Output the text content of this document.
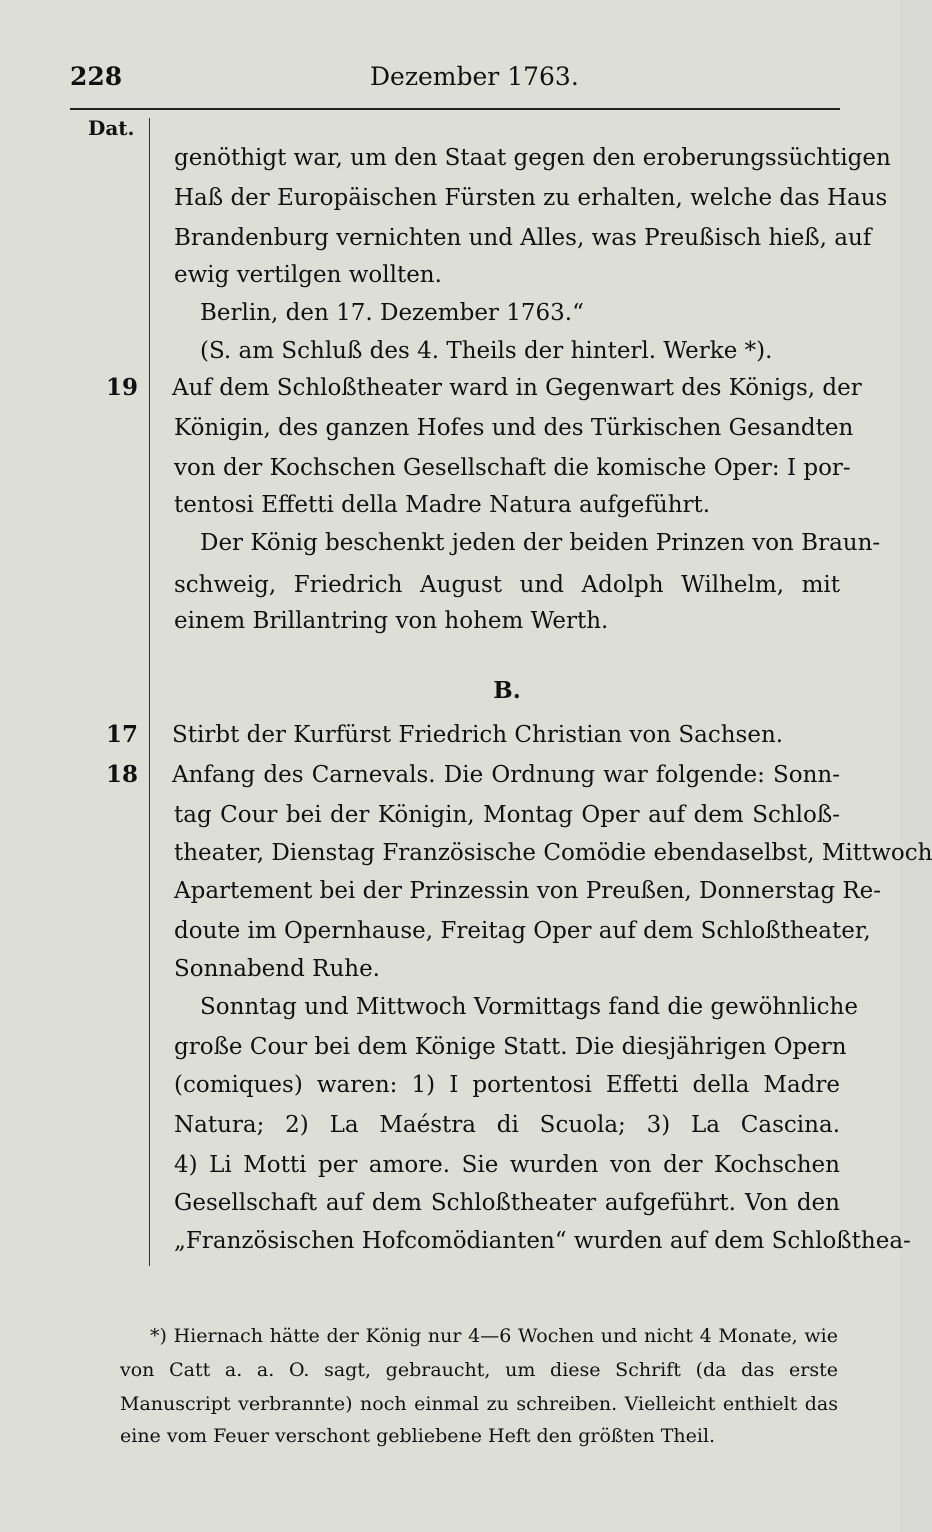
228	Dezember 1763.
Dat.
genöthigt war, um den Staat gegen den eroberungssüchtigen
Haß der Europäischen Fürsten zu erhalten, welche das Haus
Brandenburg vernichten und Alles, was Preußisch hieß, auf
ewig vertilgen wollten.
Berlin, den 17. Dezember 1763.“
(S. am Schluß des 4. Theils der hinterl. Werke *).
19 Auf dem Schloßtheater ward in Gegenwart des Königs, der
Königin, des ganzen Hofes und des Türkischen Gesandten
von der Kochschen Gesellschaft die komische Oper: I por-
tentosi Effetti della Madre Natura aufgeführt.
Der König beschenkt jeden der beiden Prinzen von Braun-
schweig, Friedrich August und Adolph Wilhelm, mit
einem Brillantring von hohem Werth.
B.
17 Stirbt der Kurfürst Friedrich Christian von Sachsen.
18 Anfang des Carnevals. Die Ordnung war folgende: Sonn-
tag Cour bei der Königin, Montag Oper auf dem Schloß-
theater, Dienstag Französische Comödie ebendaselbst, Mittwoch
Apartement bei der Prinzessin von Preußen, Donnerstag Re-
doute im Opernhause, Freitag Oper auf dem Schloßtheater,
Sonnabend Ruhe.
Sonntag und Mittwoch Vormittags fand die gewöhnliche
große Cour bei dem Könige Statt. Die diesjährigen Opern
(comiques) waren: 1) I portentosi Effetti della Madre
Natura; 2) La Maéstra di Scuola; 3) La Cascina.
4) Li Motti per amore. Sie wurden von der Kochschen
Gesellschaft auf dem Schloßtheater aufgeführt. Von den
„Französischen Hofcomödianten“ wurden auf dem Schloßthea-
*) Hiernach hätte der König nur 4—6 Wochen und nicht 4 Monate, wie
von Catt a. a. O. sagt, gebraucht, um diese Schrift (da das erste
Manuscript verbrannte) noch einmal zu schreiben. Vielleicht enthielt das
eine vom Feuer verschont gebliebene Heft den größten Theil.
